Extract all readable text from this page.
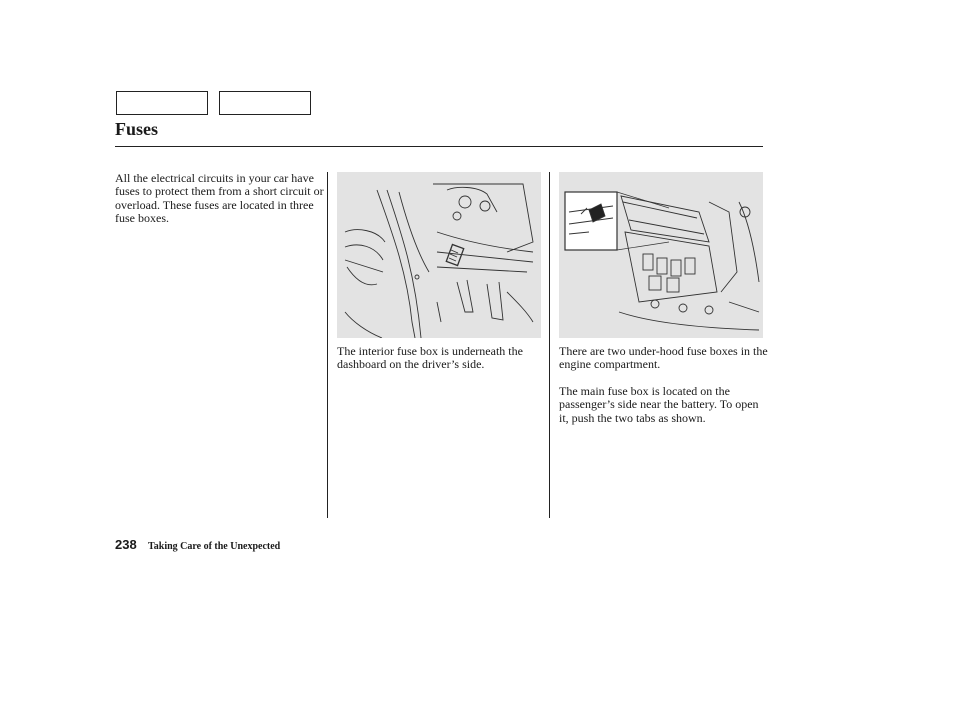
Fuses
All the electrical circuits in your car have fuses to protect them from a short circuit or overload. These fuses are located in three fuse boxes.
The interior fuse box is underneath the dashboard on the driver’s side.
There are two under-hood fuse boxes in the engine compartment.
The main fuse box is located on the passenger’s side near the battery. To open it, push the two tabs as shown.
238 Taking Care of the Unexpected
